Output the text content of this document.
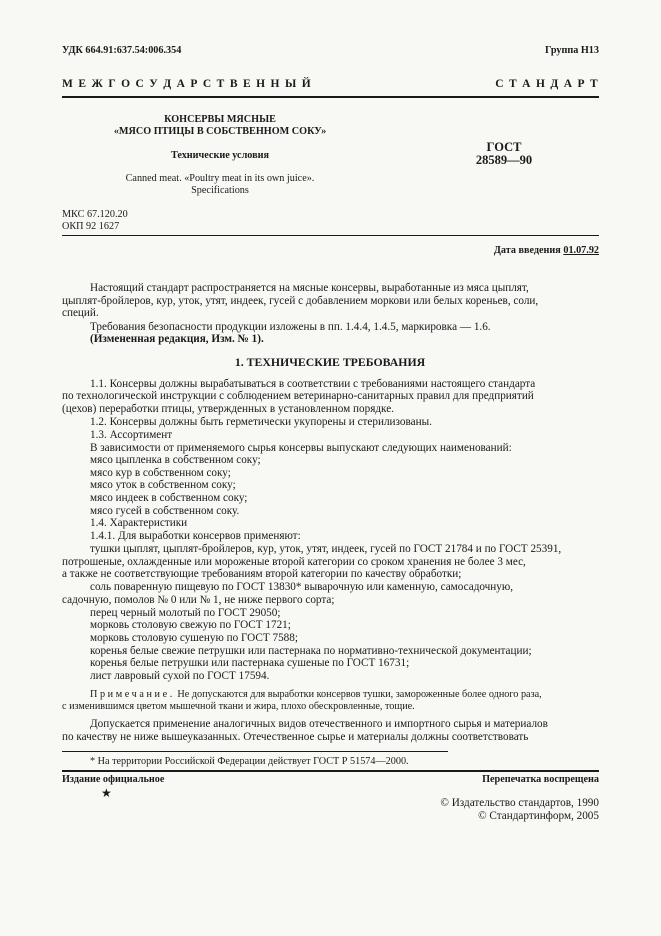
УДК 664.91:637.54:006.354	Группа Н13
М Е Ж Г О С У Д А Р С Т В Е Н Н Ы Й	С Т А Н Д А Р Т
КОНСЕРВЫ МЯСНЫЕ
«МЯСО ПТИЦЫ В СОБСТВЕННОМ СОКУ»
Технические условия
Canned meat. «Poultry meat in its own juice».
Specifications
ГОСТ
28589—90
МКС 67.120.20
ОКП 92 1627
Дата введения 01.07.92
Настоящий стандарт распространяется на мясные консервы, выработанные из мяса цыплят,
цыплят-бройлеров, кур, уток, утят, индеек, гусей с добавлением моркови или белых кореньев, соли,
специй.
Требования безопасности продукции изложены в пп. 1.4.4, 1.4.5, маркировка — 1.6.
(Измененная редакция, Изм. № 1).
1. ТЕХНИЧЕСКИЕ ТРЕБОВАНИЯ
1.1. Консервы должны вырабатываться в соответствии с требованиями настоящего стандарта
по технологической инструкции с соблюдением ветеринарно-санитарных правил для предприятий
(цехов) переработки птицы, утвержденных в установленном порядке.
1.2. Консервы должны быть герметически укупорены и стерилизованы.
1.3. Ассортимент
В зависимости от применяемого сырья консервы выпускают следующих наименований:
мясо цыпленка в собственном соку;
мясо кур в собственном соку;
мясо уток в собственном соку;
мясо индеек в собственном соку;
мясо гусей в собственном соку.
1.4. Характеристики
1.4.1. Для выработки консервов применяют:
тушки цыплят, цыплят-бройлеров, кур, уток, утят, индеек, гусей по ГОСТ 21784 и по ГОСТ 25391,
потрошеные, охлажденные или мороженые второй категории со сроком хранения не более 3 мес,
а также не соответствующие требованиям второй категории по качеству обработки;
соль поваренную пищевую по ГОСТ 13830* выварочную или каменную, самосадочную,
садочную, помолов № 0 или № 1, не ниже первого сорта;
перец черный молотый по ГОСТ 29050;
морковь столовую свежую по ГОСТ 1721;
морковь столовую сушеную по ГОСТ 7588;
коренья белые свежие петрушки или пастернака по нормативно-технической документации;
коренья белые петрушки или пастернака сушеные по ГОСТ 16731;
лист лавровый сухой по ГОСТ 17594.
Примечание. Не допускаются для выработки консервов тушки, замороженные более одного раза,
с изменившимся цветом мышечной ткани и жира, плохо обескровленные, тощие.
Допускается применение аналогичных видов отечественного и импортного сырья и материалов
по качеству не ниже вышеуказанных. Отечественное сырье и материалы должны соответствовать
* На территории Российской Федерации действует ГОСТ Р 51574—2000.
Издание официальное	Перепечатка воспрещена
★
© Издательство стандартов, 1990
© Стандартинформ, 2005
